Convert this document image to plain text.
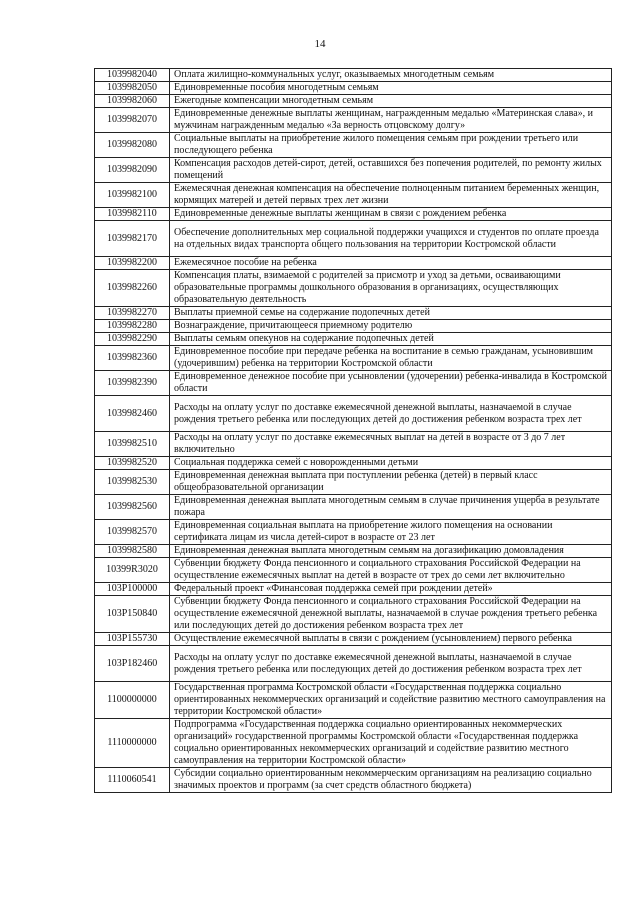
14
1039982040	Оплата жилищно-коммунальных услуг, оказываемых многодетным семьям
1039982050	Единовременные пособия многодетным семьям
1039982060	Ежегодные компенсации многодетным семьям
1039982070	Единовременные денежные выплаты женщинам, награжденным медалью «Материнская слава», и мужчинам награжденным медалью «За верность отцовскому долгу»
1039982080	Социальные выплаты на приобретение жилого помещения семьям при рождении третьего или последующего ребенка
1039982090	Компенсация расходов детей-сирот, детей, оставшихся без попечения родителей, по ремонту жилых помещений
1039982100	Ежемесячная денежная компенсация на обеспечение полноценным питанием беременных женщин, кормящих матерей и детей первых трех лет жизни
1039982110	Единовременные денежные выплаты женщинам в связи с рождением ребенка
1039982170	Обеспечение дополнительных мер социальной поддержки учащихся и студентов по оплате проезда на отдельных видах транспорта общего пользования на территории Костромской области
1039982200	Ежемесячное пособие на ребенка
1039982260	Компенсация платы, взимаемой с родителей за присмотр и уход за детьми, осваивающими образовательные программы дошкольного образования в организациях, осуществляющих образовательную деятельность
1039982270	Выплаты приемной семье на содержание подопечных детей
1039982280	Вознаграждение, причитающееся приемному родителю
1039982290	Выплаты семьям опекунов на содержание подопечных детей
1039982360	Единовременное пособие при передаче ребенка на воспитание в семью гражданам, усыновившим (удочерившим) ребенка на территории Костромской области
1039982390	Единовременное денежное пособие при усыновлении (удочерении) ребенка-инвалида в Костромской области
1039982460	Расходы на оплату услуг по доставке ежемесячной денежной выплаты, назначаемой в случае рождения третьего ребенка или последующих детей до достижения ребенком возраста трех лет
1039982510	Расходы на оплату услуг по доставке ежемесячных выплат на детей в возрасте от 3 до 7 лет включительно
1039982520	Социальная поддержка семей с новорожденными детьми
1039982530	Единовременная денежная выплата при поступлении ребенка (детей) в первый класс общеобразовательной организации
1039982560	Единовременная денежная выплата многодетным семьям в случае причинения ущерба в результате пожара
1039982570	Единовременная социальная выплата на приобретение жилого помещения на основании сертификата лицам из числа детей-сирот в возрасте от 23 лет
1039982580	Единовременная денежная выплата многодетным семьям на догазификацию домовладения
10399R3020	Субвенции бюджету Фонда пенсионного и социального страхования Российской Федерации на осуществление ежемесячных выплат на детей в возрасте от трех до семи лет включительно
103P100000	Федеральный проект «Финансовая поддержка семей при рождении детей»
103P150840	Субвенции бюджету Фонда пенсионного и социального страхования Российской Федерации на осуществление ежемесячной денежной выплаты, назначаемой в случае рождения третьего ребенка или последующих детей до достижения ребенком возраста трех лет
103P155730	Осуществление ежемесячной выплаты в связи с рождением (усыновлением) первого ребенка
103P182460	Расходы на оплату услуг по доставке ежемесячной денежной выплаты, назначаемой в случае рождения третьего ребенка или последующих детей до достижения ребенком возраста трех лет
1100000000	Государственная программа Костромской области «Государственная поддержка социально ориентированных некоммерческих организаций и содействие развитию местного самоуправления на территории Костромской области»
1110000000	Подпрограмма «Государственная поддержка социально ориентированных некоммерческих организаций» государственной программы Костромской области «Государственная поддержка социально ориентированных некоммерческих организаций и содействие развитию местного самоуправления на территории Костромской области»
1110060541	Субсидии социально ориентированным некоммерческим организациям на реализацию социально значимых проектов и программ (за счет средств областного бюджета)
